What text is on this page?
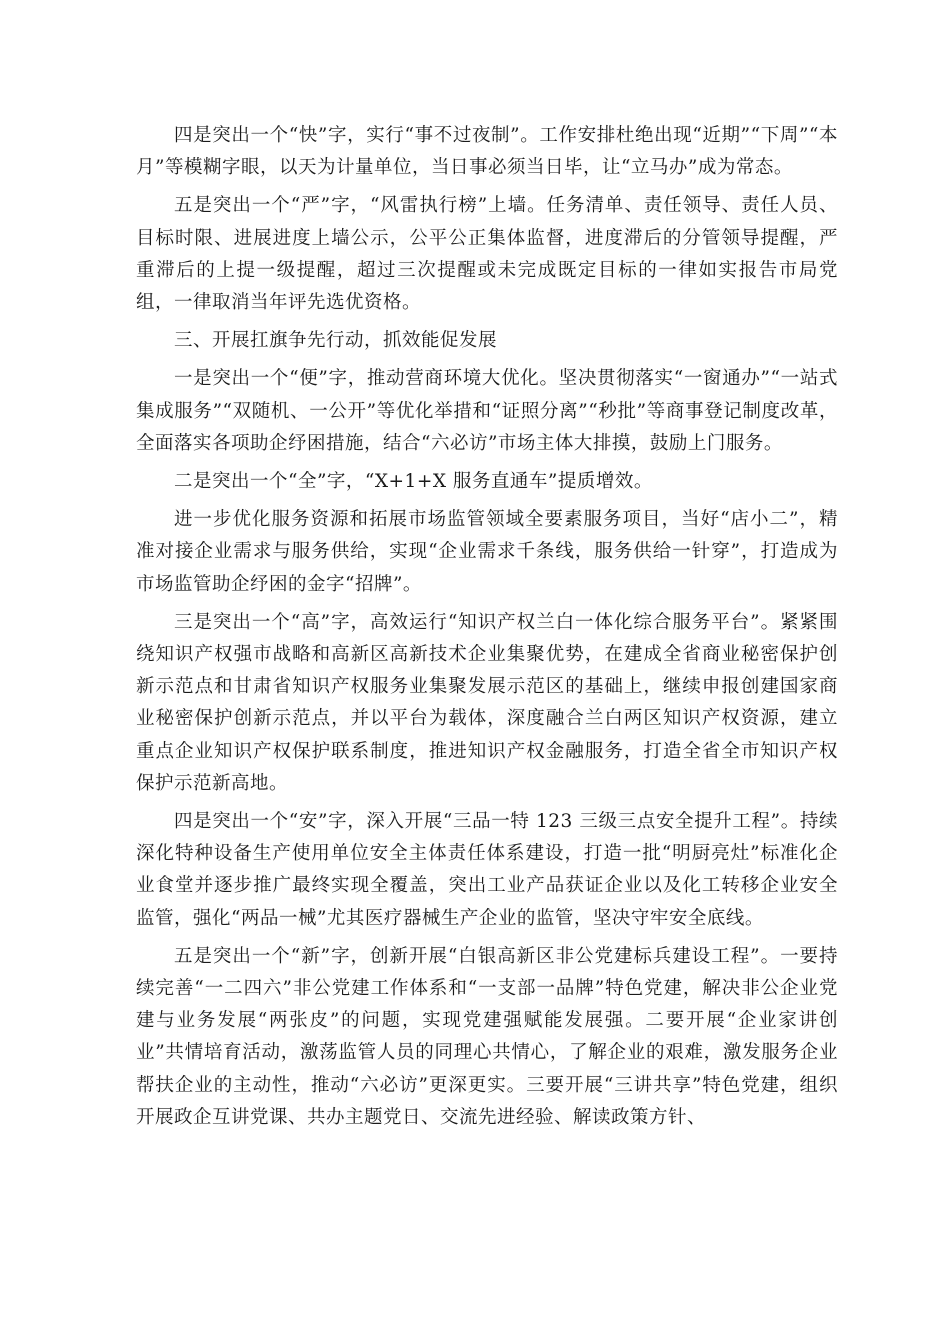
四是突出一个“快”字，实行“事不过夜制”。工作安排杜绝出现“近期”“下周”“本月”等模糊字眼，以天为计量单位，当日事必须当日毕，让“立马办”成为常态。

五是突出一个“严”字，“风雷执行榜”上墙。任务清单、责任领导、责任人员、目标时限、进展进度上墙公示，公平公正集体监督，进度滞后的分管领导提醒，严重滞后的上提一级提醒，超过三次提醒或未完成既定目标的一律如实报告市局党组，一律取消当年评先选优资格。

三、开展扛旗争先行动，抓效能促发展

一是突出一个“便”字，推动营商环境大优化。坚决贯彻落实“一窗通办”“一站式集成服务”“双随机、一公开”等优化举措和“证照分离”“秒批”等商事登记制度改革，全面落实各项助企纾困措施，结合“六必访”市场主体大排摸，鼓励上门服务。

二是突出一个“全”字，“X+1+X 服务直通车”提质增效。

进一步优化服务资源和拓展市场监管领域全要素服务项目，当好“店小二”，精准对接企业需求与服务供给，实现“企业需求千条线，服务供给一针穿”，打造成为市场监管助企纾困的金字“招牌”。

三是突出一个“高”字，高效运行“知识产权兰白一体化综合服务平台”。紧紧围绕知识产权强市战略和高新区高新技术企业集聚优势，在建成全省商业秘密保护创新示范点和甘肃省知识产权服务业集聚发展示范区的基础上，继续申报创建国家商业秘密保护创新示范点，并以平台为载体，深度融合兰白两区知识产权资源，建立重点企业知识产权保护联系制度，推进知识产权金融服务，打造全省全市知识产权保护示范新高地。

四是突出一个“安”字，深入开展“三品一特 123 三级三点安全提升工程”。持续深化特种设备生产使用单位安全主体责任体系建设，打造一批“明厨亮灶”标准化企业食堂并逐步推广最终实现全覆盖，突出工业产品获证企业以及化工转移企业安全监管，强化“两品一械”尤其医疗器械生产企业的监管，坚决守牢安全底线。

五是突出一个“新”字，创新开展“白银高新区非公党建标兵建设工程”。一要持续完善“一二四六”非公党建工作体系和“一支部一品牌”特色党建，解决非公企业党建与业务发展“两张皮”的问题，实现党建强赋能发展强。二要开展“企业家讲创业”共情培育活动，激荡监管人员的同理心共情心，了解企业的艰难，激发服务企业帮扶企业的主动性，推动“六必访”更深更实。三要开展“三讲共享”特色党建，组织开展政企互讲党课、共办主题党日、交流先进经验、解读政策方针、
